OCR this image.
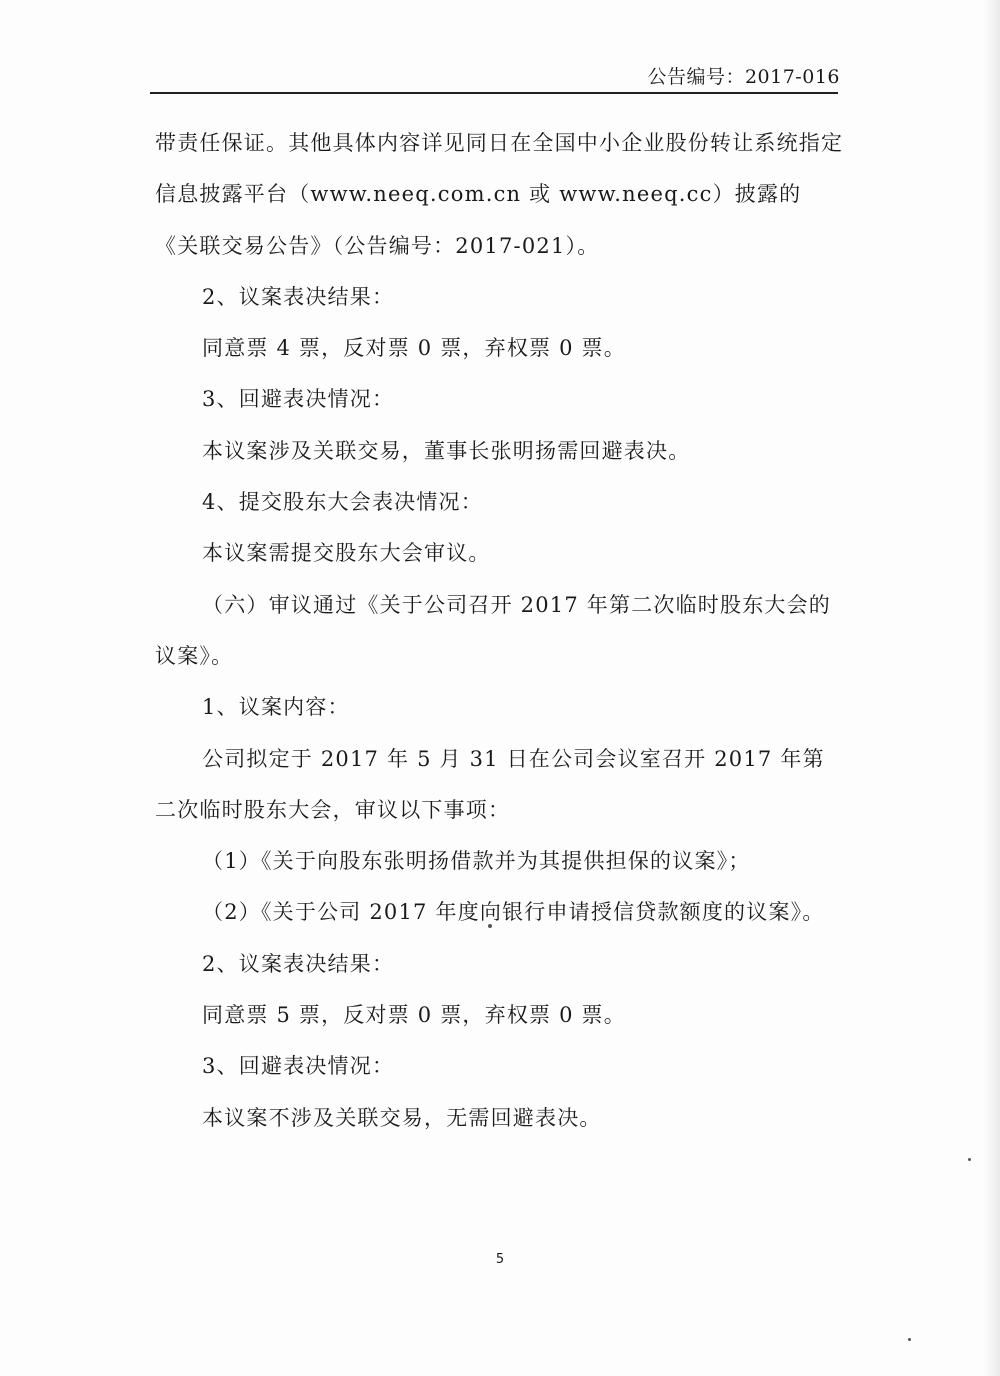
公告编号：2017-016

带责任保证。其他具体内容详见同日在全国中小企业股份转让系统指定信息披露平台（www.neeq.com.cn 或 www.neeq.cc）披露的《关联交易公告》（公告编号：2017-021）。

2、议案表决结果：

同意票 4 票，反对票 0 票，弃权票 0 票。

3、回避表决情况：

本议案涉及关联交易，董事长张明扬需回避表决。

4、提交股东大会表决情况：

本议案需提交股东大会审议。

（六）审议通过《关于公司召开 2017 年第二次临时股东大会的议案》。

1、议案内容：

公司拟定于 2017 年 5 月 31 日在公司会议室召开 2017 年第二次临时股东大会，审议以下事项：

（1）《关于向股东张明扬借款并为其提供担保的议案》；

（2）《关于公司 2017 年度向银行申请授信贷款额度的议案》。

2、议案表决结果：

同意票 5 票，反对票 0 票，弃权票 0 票。

3、回避表决情况：

本议案不涉及关联交易，无需回避表决。

5
